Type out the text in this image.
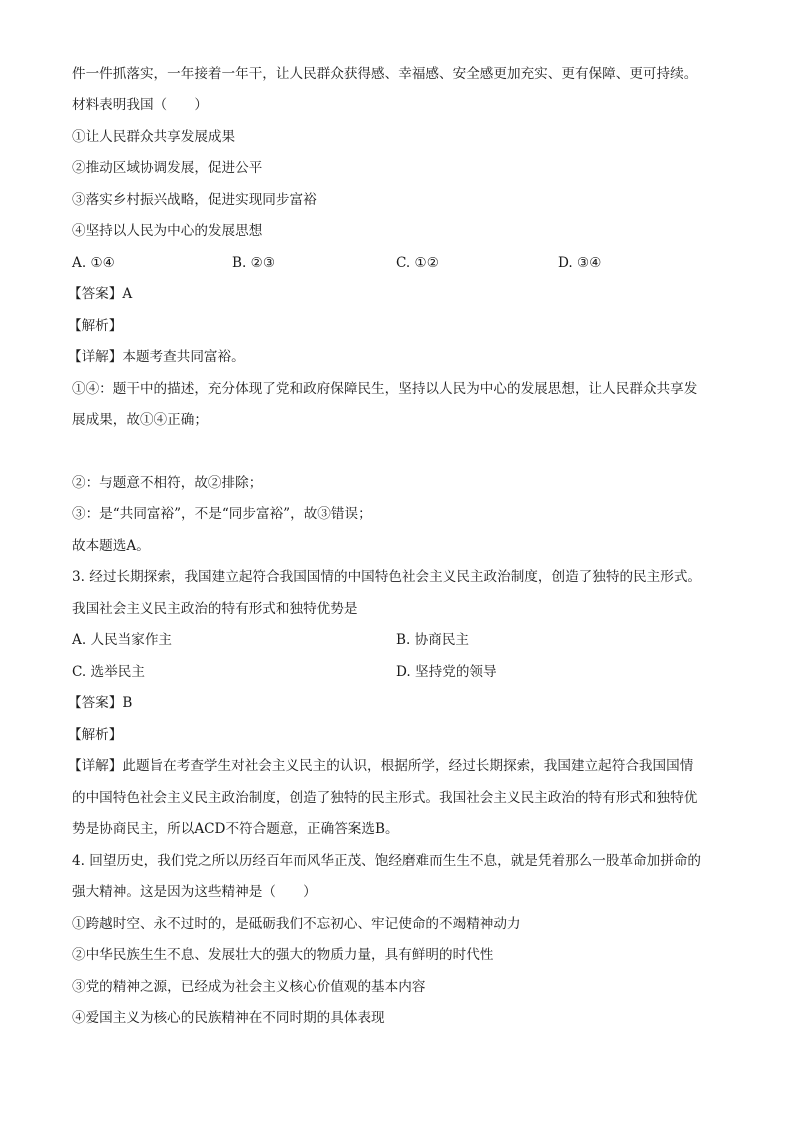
件一件抓落实，一年接着一年干，让人民群众获得感、幸福感、安全感更加充实、更有保障、更可持续。
材料表明我国（　　）
①让人民群众共享发展成果
②推动区域协调发展，促进公平
③落实乡村振兴战略，促进实现同步富裕
④坚持以人民为中心的发展思想
A. ①④	B. ②③	C. ①②	D. ③④
【答案】A
【解析】
【详解】本题考查共同富裕。
①④：题干中的描述，充分体现了党和政府保障民生，坚持以人民为中心的发展思想，让人民群众共享发
展成果，故①④正确；
②：与题意不相符，故②排除；
③：是“共同富裕”，不是“同步富裕”，故③错误；
故本题选A。
3. 经过长期探索，我国建立起符合我国国情的中国特色社会主义民主政治制度，创造了独特的民主形式。
我国社会主义民主政治的特有形式和独特优势是
A. 人民当家作主	B. 协商民主
C. 选举民主	D. 坚持党的领导
【答案】B
【解析】
【详解】此题旨在考查学生对社会主义民主的认识，根据所学，经过长期探索，我国建立起符合我国国情
的中国特色社会主义民主政治制度，创造了独特的民主形式。我国社会主义民主政治的特有形式和独特优
势是协商民主，所以ACD不符合题意，正确答案选B。
4. 回望历史，我们党之所以历经百年而风华正茂、饱经磨难而生生不息，就是凭着那么一股革命加拼命的
强大精神。这是因为这些精神是（　　）
①跨越时空、永不过时的，是砥砺我们不忘初心、牢记使命的不竭精神动力
②中华民族生生不息、发展壮大的强大的物质力量，具有鲜明的时代性
③党的精神之源，已经成为社会主义核心价值观的基本内容
④爱国主义为核心的民族精神在不同时期的具体表现
